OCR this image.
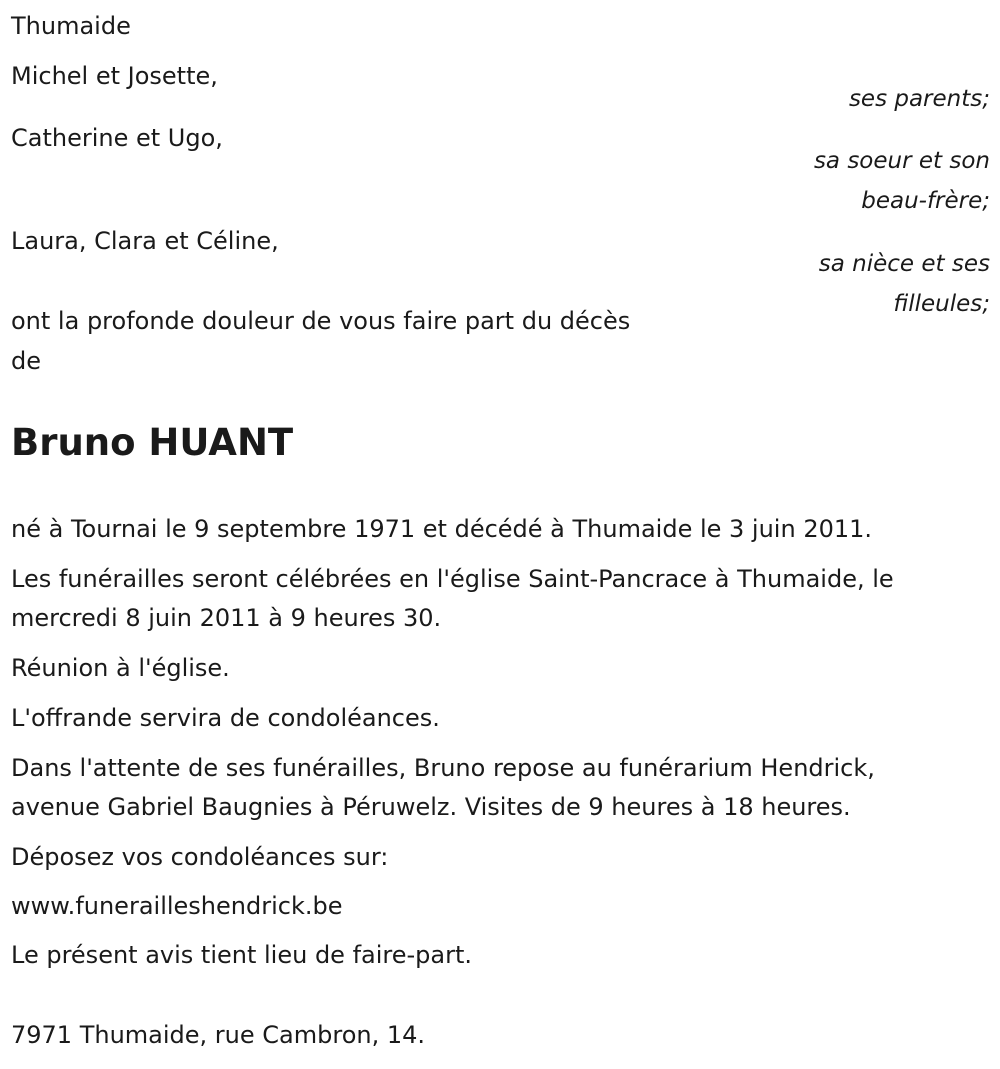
Thumaide
Michel et Josette,
ses parents;
Catherine et Ugo,
sa soeur et son
beau-frère;
Laura, Clara et Céline,
sa nièce et ses
filleules;
ont la profonde douleur de vous faire part du décès
de
Bruno HUANT
né à Tournai le 9 septembre 1971 et décédé à Thumaide le 3 juin 2011.
Les funérailles seront célébrées en l'église Saint-Pancrace à Thumaide, le
mercredi 8 juin 2011 à 9 heures 30.
Réunion à l'église.
L'offrande servira de condoléances.
Dans l'attente de ses funérailles, Bruno repose au funérarium Hendrick,
avenue Gabriel Baugnies à Péruwelz. Visites de 9 heures à 18 heures.
Déposez vos condoléances sur:
www.funerailleshendrick.be
Le présent avis tient lieu de faire-part.
7971 Thumaide, rue Cambron, 14.
